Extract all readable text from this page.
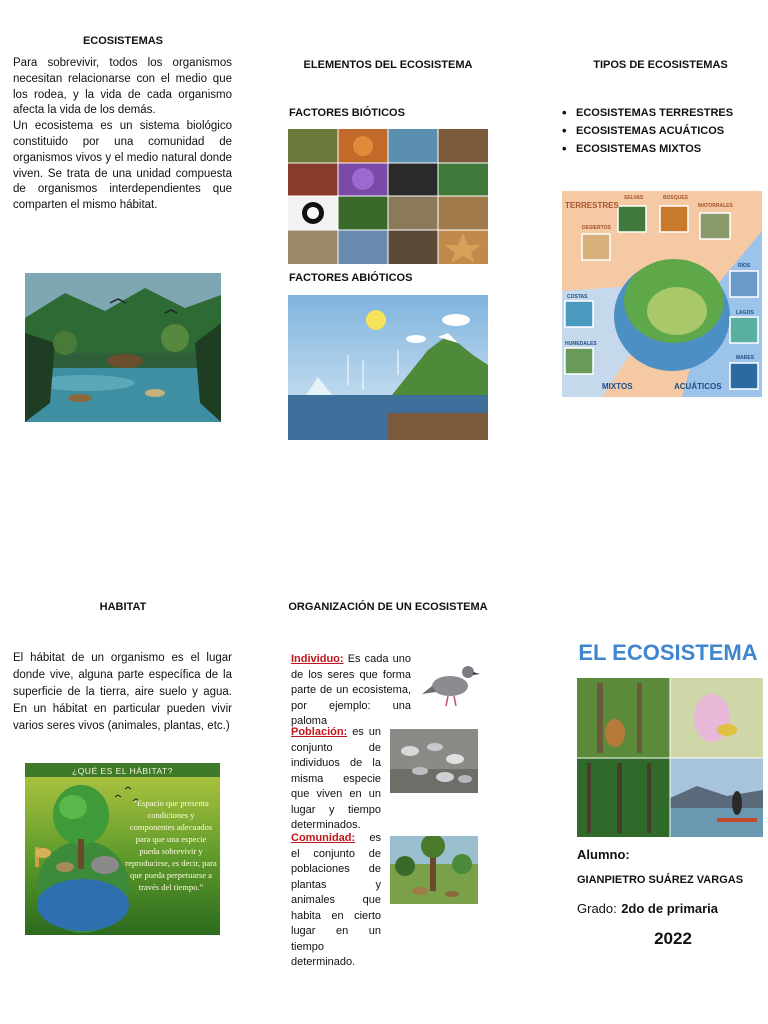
ECOSISTEMAS
Para sobrevivir, todos los organismos necesitan relacionarse con el medio que los rodea, y la vida de cada organismo afecta la vida de los demás.
Un ecosistema es un sistema biológico constituido por una comunidad de organismos vivos y el medio natural donde viven. Se trata de una unidad compuesta de organismos interdependientes que comparten el mismo hábitat.
ELEMENTOS DEL ECOSISTEMA
FACTORES BIÓTICOS
FACTORES ABIÓTICOS
TIPOS DE ECOSISTEMAS
• ECOSISTEMAS TERRESTRES
• ECOSISTEMAS ACUÁTICOS
• ECOSISTEMAS MIXTOS
TERRESTRES
SELVAS	BOSQUES
MATORRALES
DESIERTOS
RÍOS
COSTAS
LAGOS
HUMEDALES
MARES
MIXTOS	ACUÁTICOS
HABITAT
El hábitat de un organismo es el lugar donde vive, alguna parte específica de la superficie de la tierra, aire suelo y agua. En un hábitat en particular pueden vivir varios seres vivos (animales, plantas, etc.)
¿QUÉ ES EL HÁBITAT?
“Espacio que presenta condiciones y componentes adecuados para que una especie pueda sobrevivir y reproducirse, es decir, para que pueda perpetuarse a través del tiempo.”
ORGANIZACIÓN DE UN ECOSISTEMA
Individuo: Es cada uno de los seres que forma parte de un ecosistema, por ejemplo: una paloma
Población: es un conjunto de individuos de la misma especie que viven en un lugar y tiempo determinados.
Comunidad: es el conjunto de poblaciones de plantas y animales que habita en cierto lugar en un tiempo determinado.
EL ECOSISTEMA
Alumno:
GIANPIETRO SUÁREZ VARGAS
Grado: 2do de primaria
2022
